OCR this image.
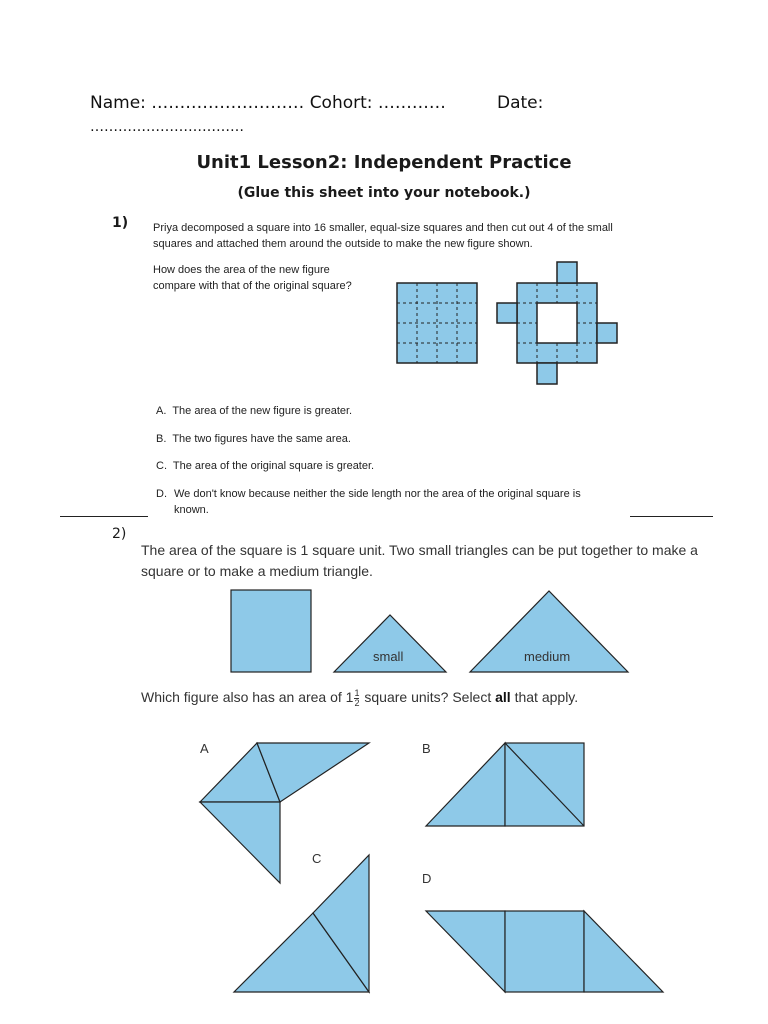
Name: ……………………… Cohort: …………	Date:
……………………………
Unit1 Lesson2: Independent Practice
(Glue this sheet into your notebook.)
1) Priya decomposed a square into 16 smaller, equal-size squares and then cut out 4 of the small squares and attached them around the outside to make the new figure shown.
How does the area of the new figure compare with that of the original square?
A. The area of the new figure is greater.
B. The two figures have the same area.
C. The area of the original square is greater.
D. We don't know because neither the side length nor the area of the original square is known.
2)
The area of the square is 1 square unit. Two small triangles can be put together to make a square or to make a medium triangle.
small	medium
Which figure also has an area of $1 \frac{1}{2}$ square units? Select all that apply.
A	B
C
D
